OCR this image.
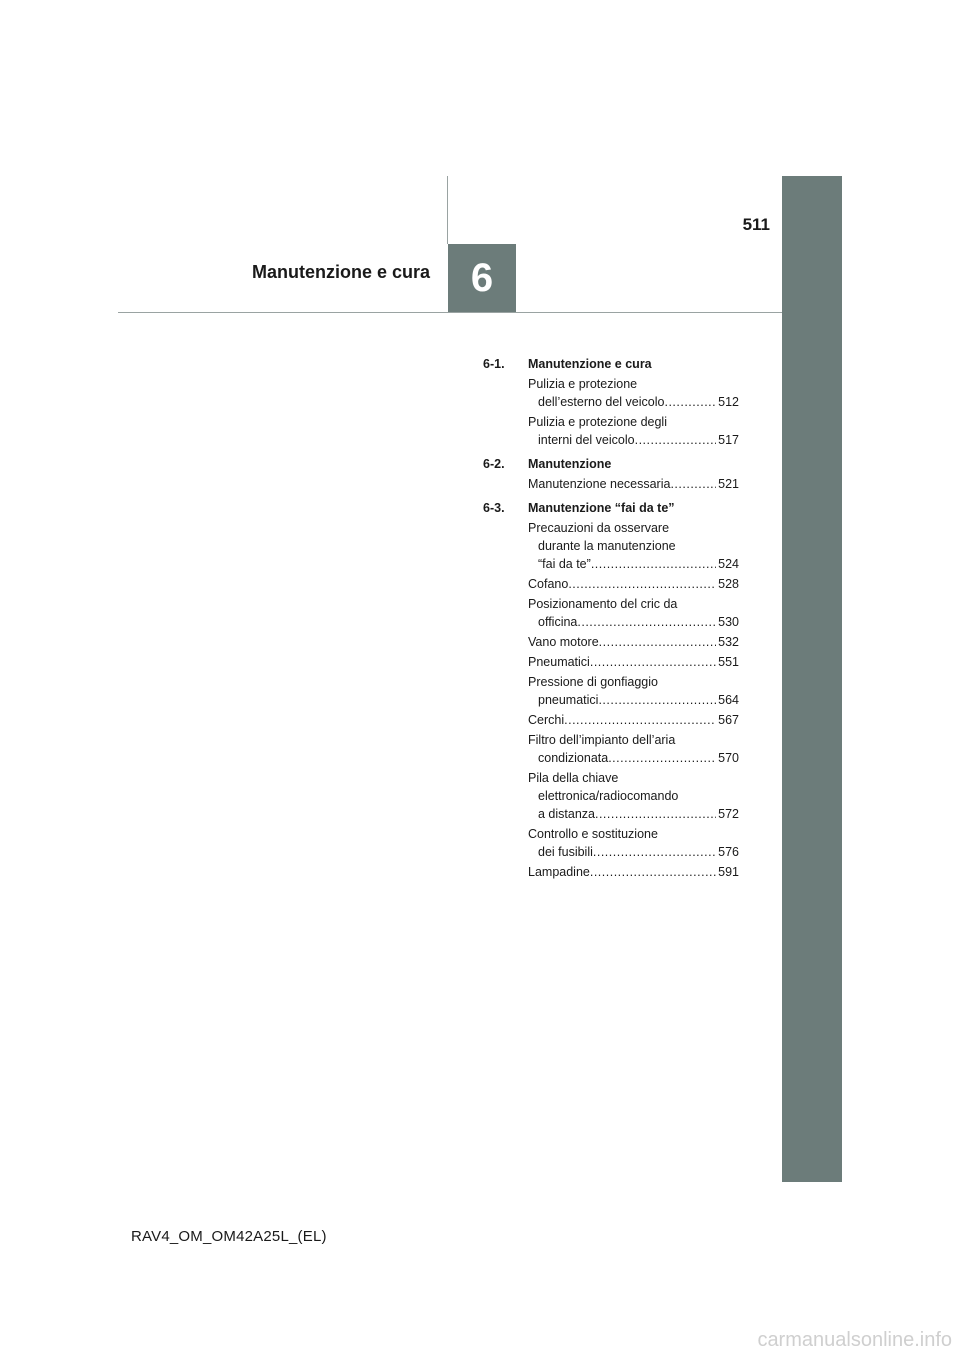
6
Manutenzione e cura
511
6-1.	Manutenzione e cura
Pulizia e protezione
dell’esterno del veicolo .....	512
Pulizia e protezione degli
interni del veicolo .....	517
6-2.	Manutenzione
Manutenzione necessaria .....	521
6-3.	Manutenzione “fai da te”
Precauzioni da osservare
durante la manutenzione
“fai da te” .....	524
Cofano .....	528
Posizionamento del cric da
officina .....	530
Vano motore .....	532
Pneumatici .....	551
Pressione di gonfiaggio
pneumatici .....	564
Cerchi .....	567
Filtro dell’impianto dell’aria
condizionata .....	570
Pila della chiave
elettronica/radiocomando
a distanza .....	572
Controllo e sostituzione
dei fusibili .....	576
Lampadine .....	591
RAV4_OM_OM42A25L_(EL)
carmanualsonline.info
